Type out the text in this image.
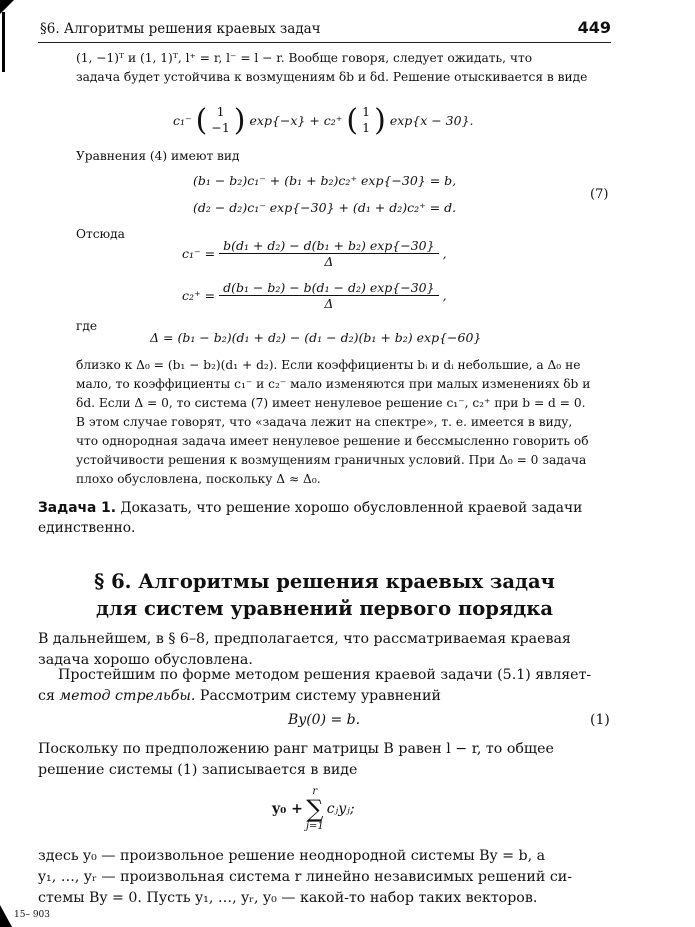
§6. Алгоритмы решения краевых задач	449
(1, −1)ᵀ и (1, 1)ᵀ, l⁺ = r, l⁻ = l − r. Вообще говоря, следует ожидать, что
задача будет устойчива к возмущениям δb и δd. Решение отыскивается в виде
c₁⁻ ( 1
−1 ) exp{−x} + c₂⁺ ( 1
1 ) exp{x − 30}.
Уравнения (4) имеют вид
(b₁ − b₂)c₁⁻ + (b₁ + b₂)c₂⁺ exp{−30} = b,
(d₂ − d₂)c₁⁻ exp{−30} + (d₁ + d₂)c₂⁺ = d.
(7)
Отсюда
$c_1^- = \frac{\text{b(d₁ + d₂) − d(b₁ + b₂) exp\{−30\}}}{\Delta}$ ,
$c_2^+ = \frac{\text{d(b₁ − b₂) − b(d₁ − d₂) exp\{−30\}}}{\Delta}$ ,
где
Δ = (b₁ − b₂)(d₁ + d₂) − (d₁ − d₂)(b₁ + b₂) exp{−60}
близко к Δ₀ = (b₁ − b₂)(d₁ + d₂). Если коэффициенты bᵢ и dᵢ небольшие, а Δ₀ не
мало, то коэффициенты c₁⁻ и c₂⁻ мало изменяются при малых изменениях δb и
δd. Если Δ = 0, то система (7) имеет ненулевое решение c₁⁻, c₂⁺ при b = d = 0.
В этом случае говорят, что «задача лежит на спектре», т. е. имеется в виду,
что однородная задача имеет ненулевое решение и бессмысленно говорить об
устойчивости решения к возмущениям граничных условий. При Δ₀ = 0 задача
плохо обусловлена, поскольку Δ ≈ Δ₀.
Задача 1. Доказать, что решение хорошо обусловленной краевой задачи
единственно.
§ 6. Алгоритмы решения краевых задач
для систем уравнений первого порядка
В дальнейшем, в § 6–8, предполагается, что рассматриваемая краевая
задача хорошо обусловлена.
Простейшим по форме методом решения краевой задачи (5.1) являет-
ся метод стрельбы. Рассмотрим систему уравнений
By(0) = b.	(1)
Поскольку по предположению ранг матрицы B равен l − r, то общее
решение системы (1) записывается в виде
y₀ +
r
∑
j=1
cⱼyⱼ;
здесь y₀ — произвольное решение неоднородной системы By = b, а
y₁, …, yᵣ — произвольная система r линейно независимых решений си-
стемы By = 0. Пусть y₁, …, yᵣ, y₀ — какой-то набор таких векторов.
15– 903
